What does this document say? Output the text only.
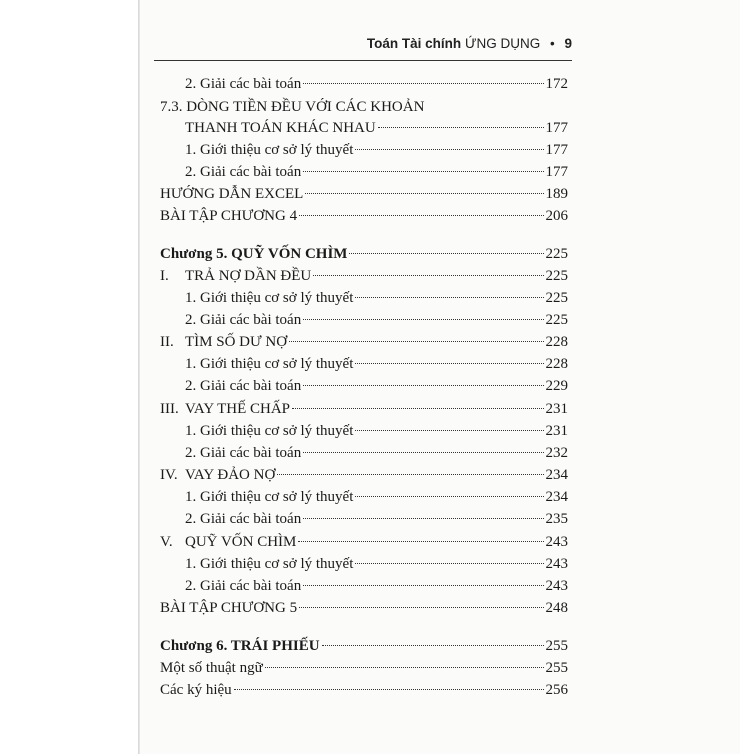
Toán Tài chính ỨNG DỤNG • 9
2. Giải các bài toán	172
7.3. DÒNG TIỀN ĐỀU VỚI CÁC KHOẢN
THANH TOÁN KHÁC NHAU	177
1. Giới thiệu cơ sở lý thuyết	177
2. Giải các bài toán	177
HƯỚNG DẪN EXCEL	189
BÀI TẬP CHƯƠNG 4	206
Chương 5. QUỸ VỐN CHÌM	225
I. TRẢ NỢ DẦN ĐỀU	225
1. Giới thiệu cơ sở lý thuyết	225
2. Giải các bài toán	225
II. TÌM SỐ DƯ NỢ	228
1. Giới thiệu cơ sở lý thuyết	228
2. Giải các bài toán	229
III. VAY THẾ CHẤP	231
1. Giới thiệu cơ sở lý thuyết	231
2. Giải các bài toán	232
IV. VAY ĐẢO NỢ	234
1. Giới thiệu cơ sở lý thuyết	234
2. Giải các bài toán	235
V. QUỸ VỐN CHÌM	243
1. Giới thiệu cơ sở lý thuyết	243
2. Giải các bài toán	243
BÀI TẬP CHƯƠNG 5	248
Chương 6. TRÁI PHIẾU	255
Một số thuật ngữ	255
Các ký hiệu	256
